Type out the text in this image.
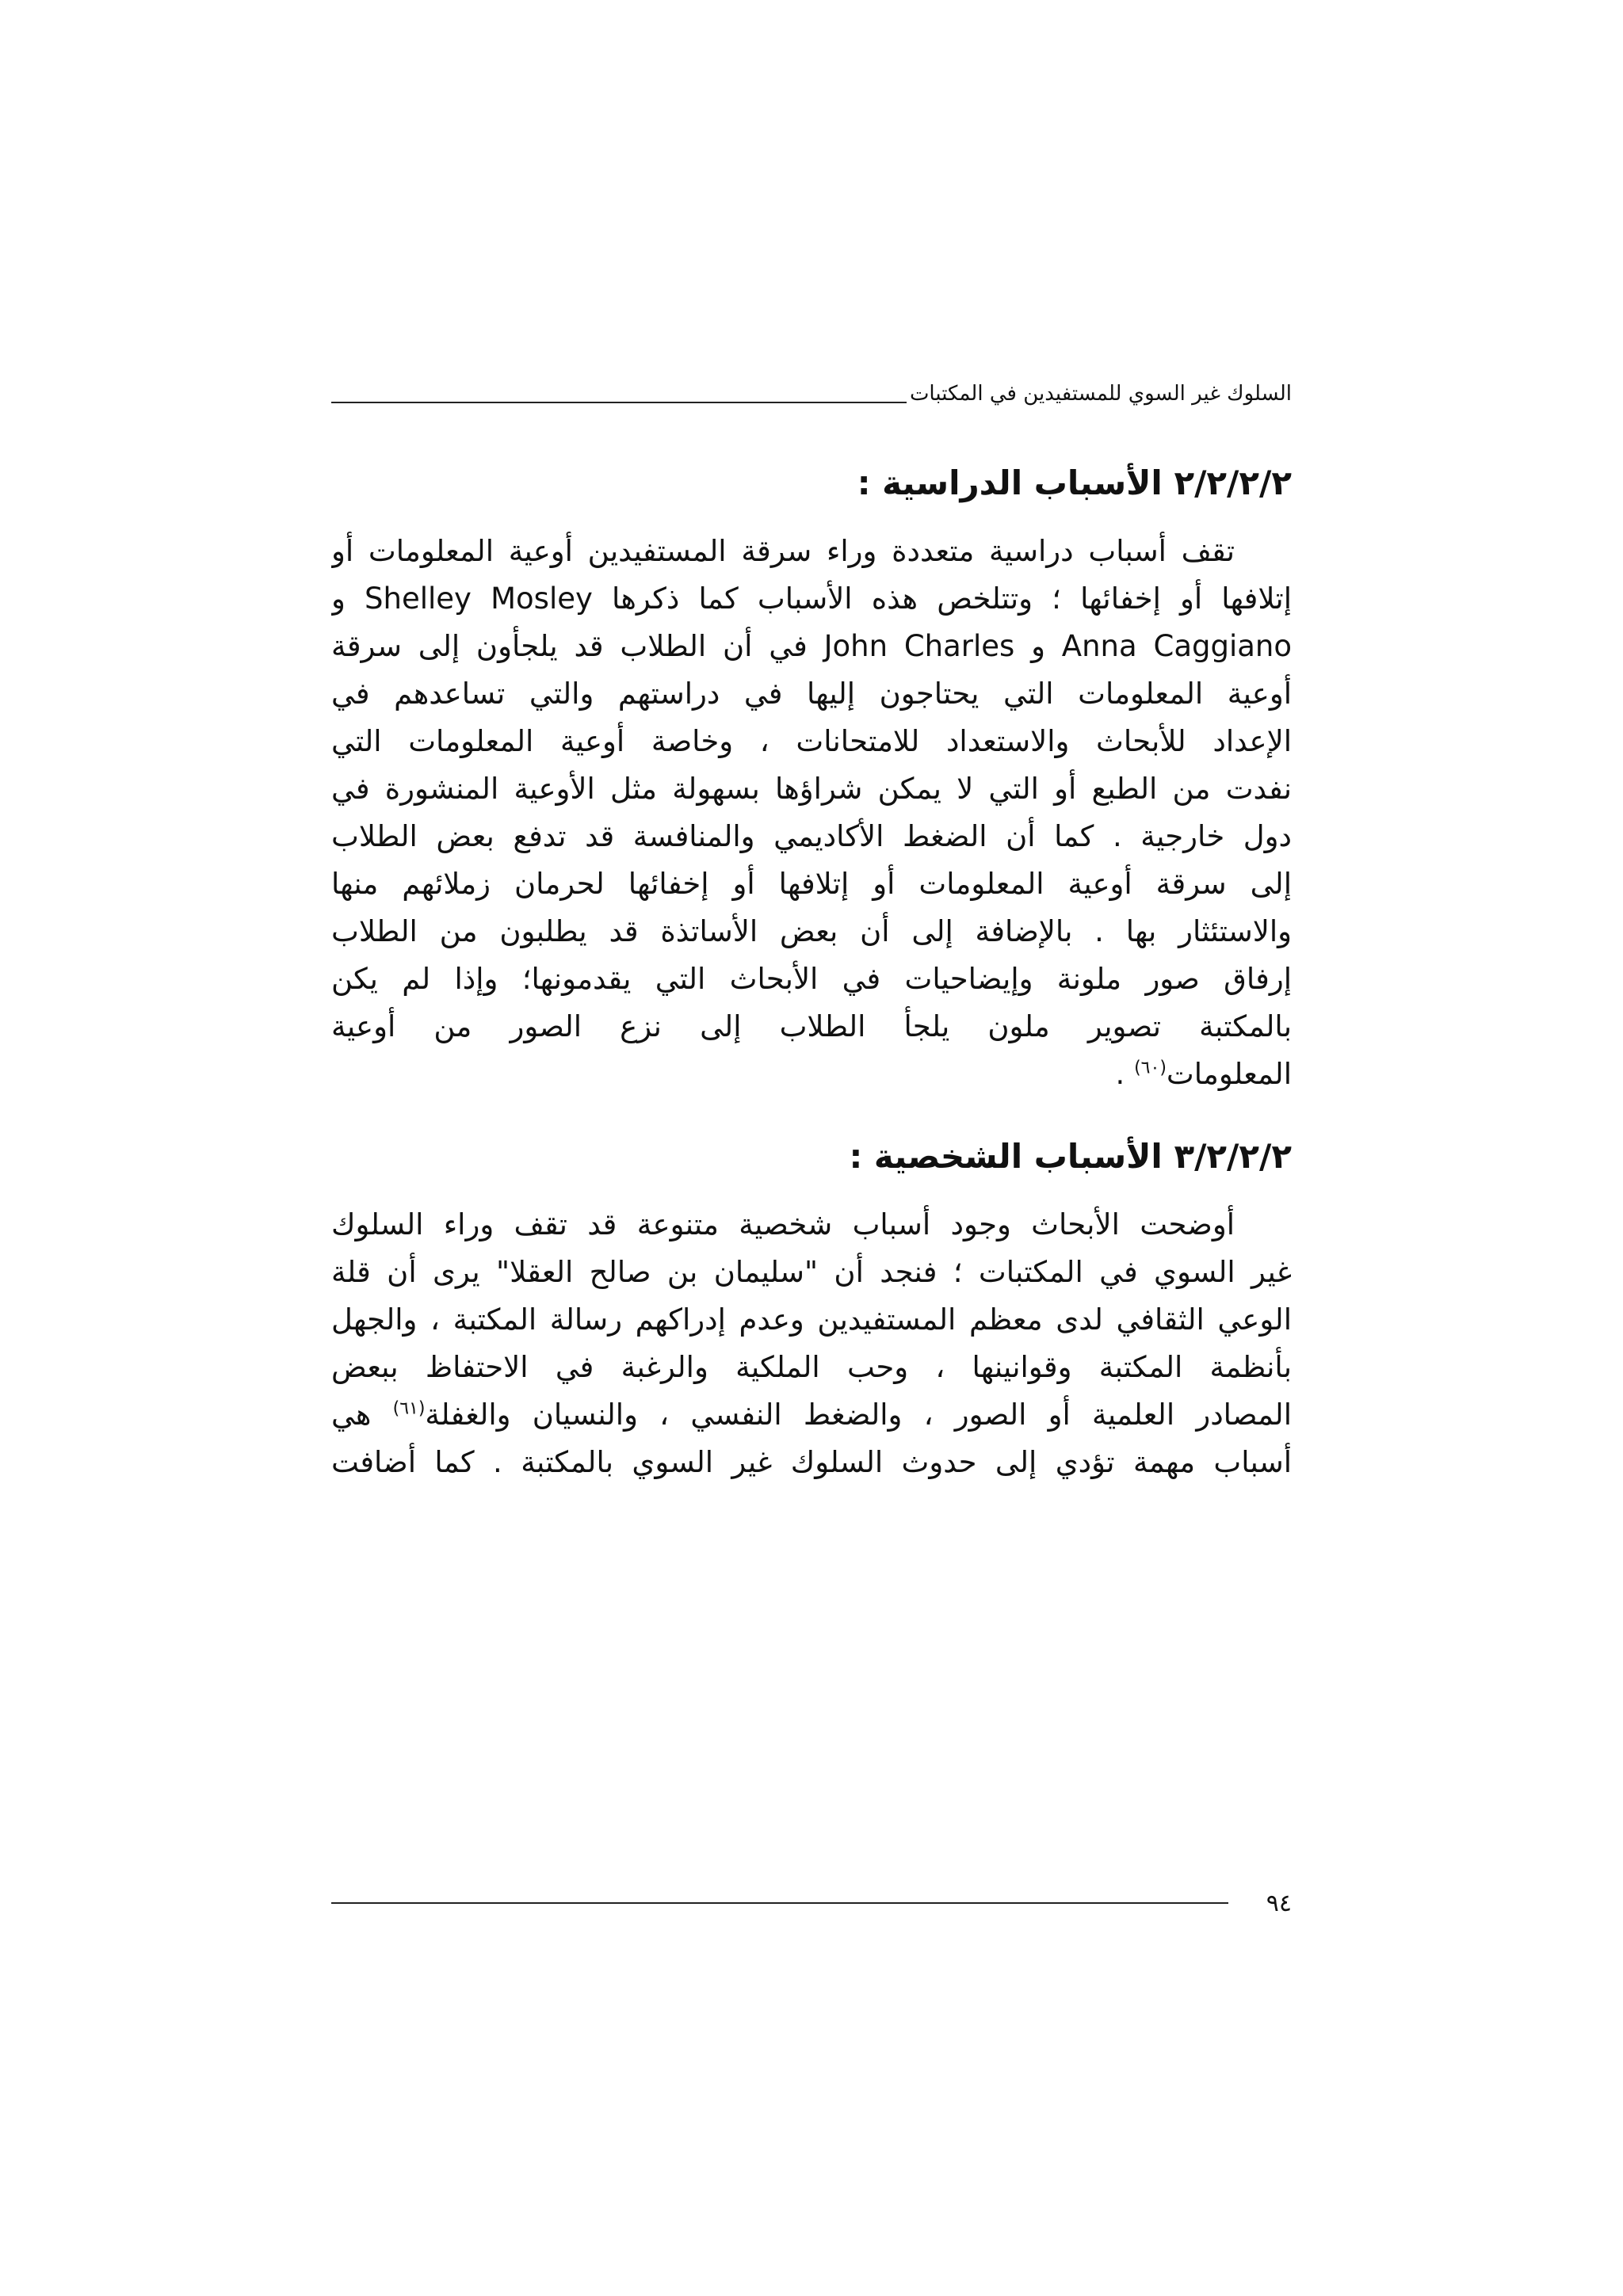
السلوك غير السوي للمستفيدين في المكتبات
٢/٢/٢/٢ الأسباب الدراسية :
تقف أسباب دراسية متعددة وراء سرقة المستفيدين أوعية المعلومات أو
إتلافها أو إخفائها ؛ وتتلخص هذه الأسباب كما ذكرها Shelley Mosley و
Anna Caggiano و John Charles في أن الطلاب قد يلجأون إلى سرقة
أوعية المعلومات التي يحتاجون إليها في دراستهم والتي تساعدهم في
الإعداد للأبحاث والاستعداد للامتحانات ، وخاصة أوعية المعلومات التي
نفدت من الطبع أو التي لا يمكن شراؤها بسهولة مثل الأوعية المنشورة في
دول خارجية . كما أن الضغط الأكاديمي والمنافسة قد تدفع بعض الطلاب
إلى سرقة أوعية المعلومات أو إتلافها أو إخفائها لحرمان زملائهم منها
والاستئثار بها . بالإضافة إلى أن بعض الأساتذة قد يطلبون من الطلاب
إرفاق صور ملونة وإيضاحيات في الأبحاث التي يقدمونها؛ وإذا لم يكن
بالمكتبة تصوير ملون يلجأ الطلاب إلى نزع الصور من أوعية
المعلومات$^{(٦٠)}$ .
٣/٢/٢/٢ الأسباب الشخصية :
أوضحت الأبحاث وجود أسباب شخصية متنوعة قد تقف وراء السلوك
غير السوي في المكتبات ؛ فنجد أن "سليمان بن صالح العقلا" يرى أن قلة
الوعي الثقافي لدى معظم المستفيدين وعدم إدراكهم رسالة المكتبة ، والجهل
بأنظمة المكتبة وقوانينها ، وحب الملكية والرغبة في الاحتفاظ ببعض
المصادر العلمية أو الصور ، والضغط النفسي ، والنسيان والغفلة$^{(٦١)}$ هي
أسباب مهمة تؤدي إلى حدوث السلوك غير السوي بالمكتبة . كما أضافت
٩٤
